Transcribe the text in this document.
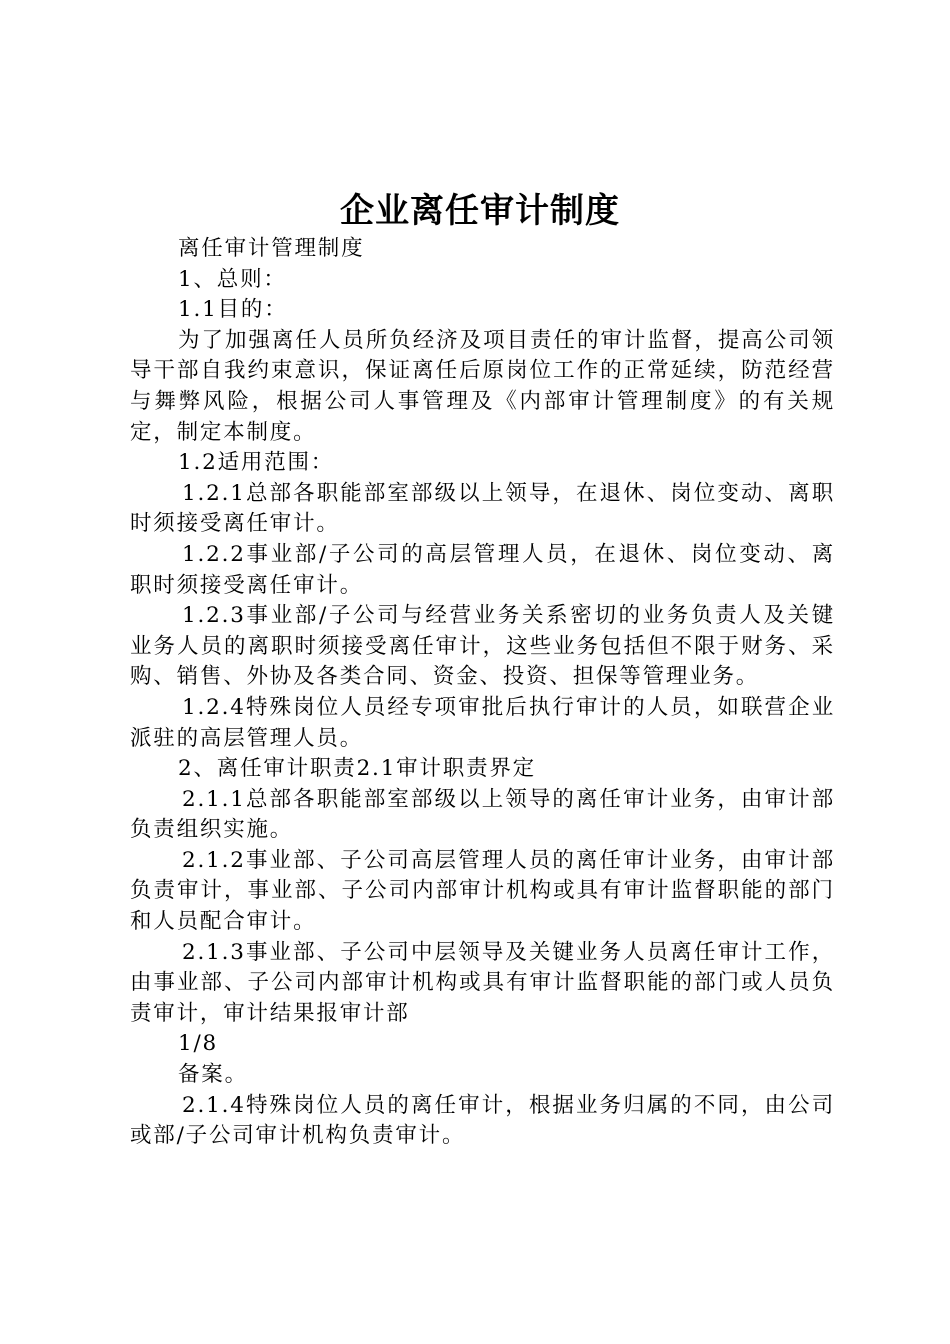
企业离任审计制度

离任审计管理制度

1、总则：

1.1目的：

为了加强离任人员所负经济及项目责任的审计监督，提高公司领导干部自我约束意识，保证离任后原岗位工作的正常延续，防范经营与舞弊风险，根据公司人事管理及《内部审计管理制度》的有关规定，制定本制度。

1.2适用范围：

1.2.1总部各职能部室部级以上领导，在退休、岗位变动、离职时须接受离任审计。

1.2.2事业部/子公司的高层管理人员，在退休、岗位变动、离职时须接受离任审计。

1.2.3事业部/子公司与经营业务关系密切的业务负责人及关键业务人员的离职时须接受离任审计，这些业务包括但不限于财务、采购、销售、外协及各类合同、资金、投资、担保等管理业务。

1.2.4特殊岗位人员经专项审批后执行审计的人员，如联营企业派驻的高层管理人员。

2、离任审计职责2.1审计职责界定

2.1.1总部各职能部室部级以上领导的离任审计业务，由审计部负责组织实施。

2.1.2事业部、子公司高层管理人员的离任审计业务，由审计部负责审计，事业部、子公司内部审计机构或具有审计监督职能的部门和人员配合审计。

2.1.3事业部、子公司中层领导及关键业务人员离任审计工作，由事业部、子公司内部审计机构或具有审计监督职能的部门或人员负责审计，审计结果报审计部

1/8

备案。

2.1.4特殊岗位人员的离任审计，根据业务归属的不同，由公司或部/子公司审计机构负责审计。
